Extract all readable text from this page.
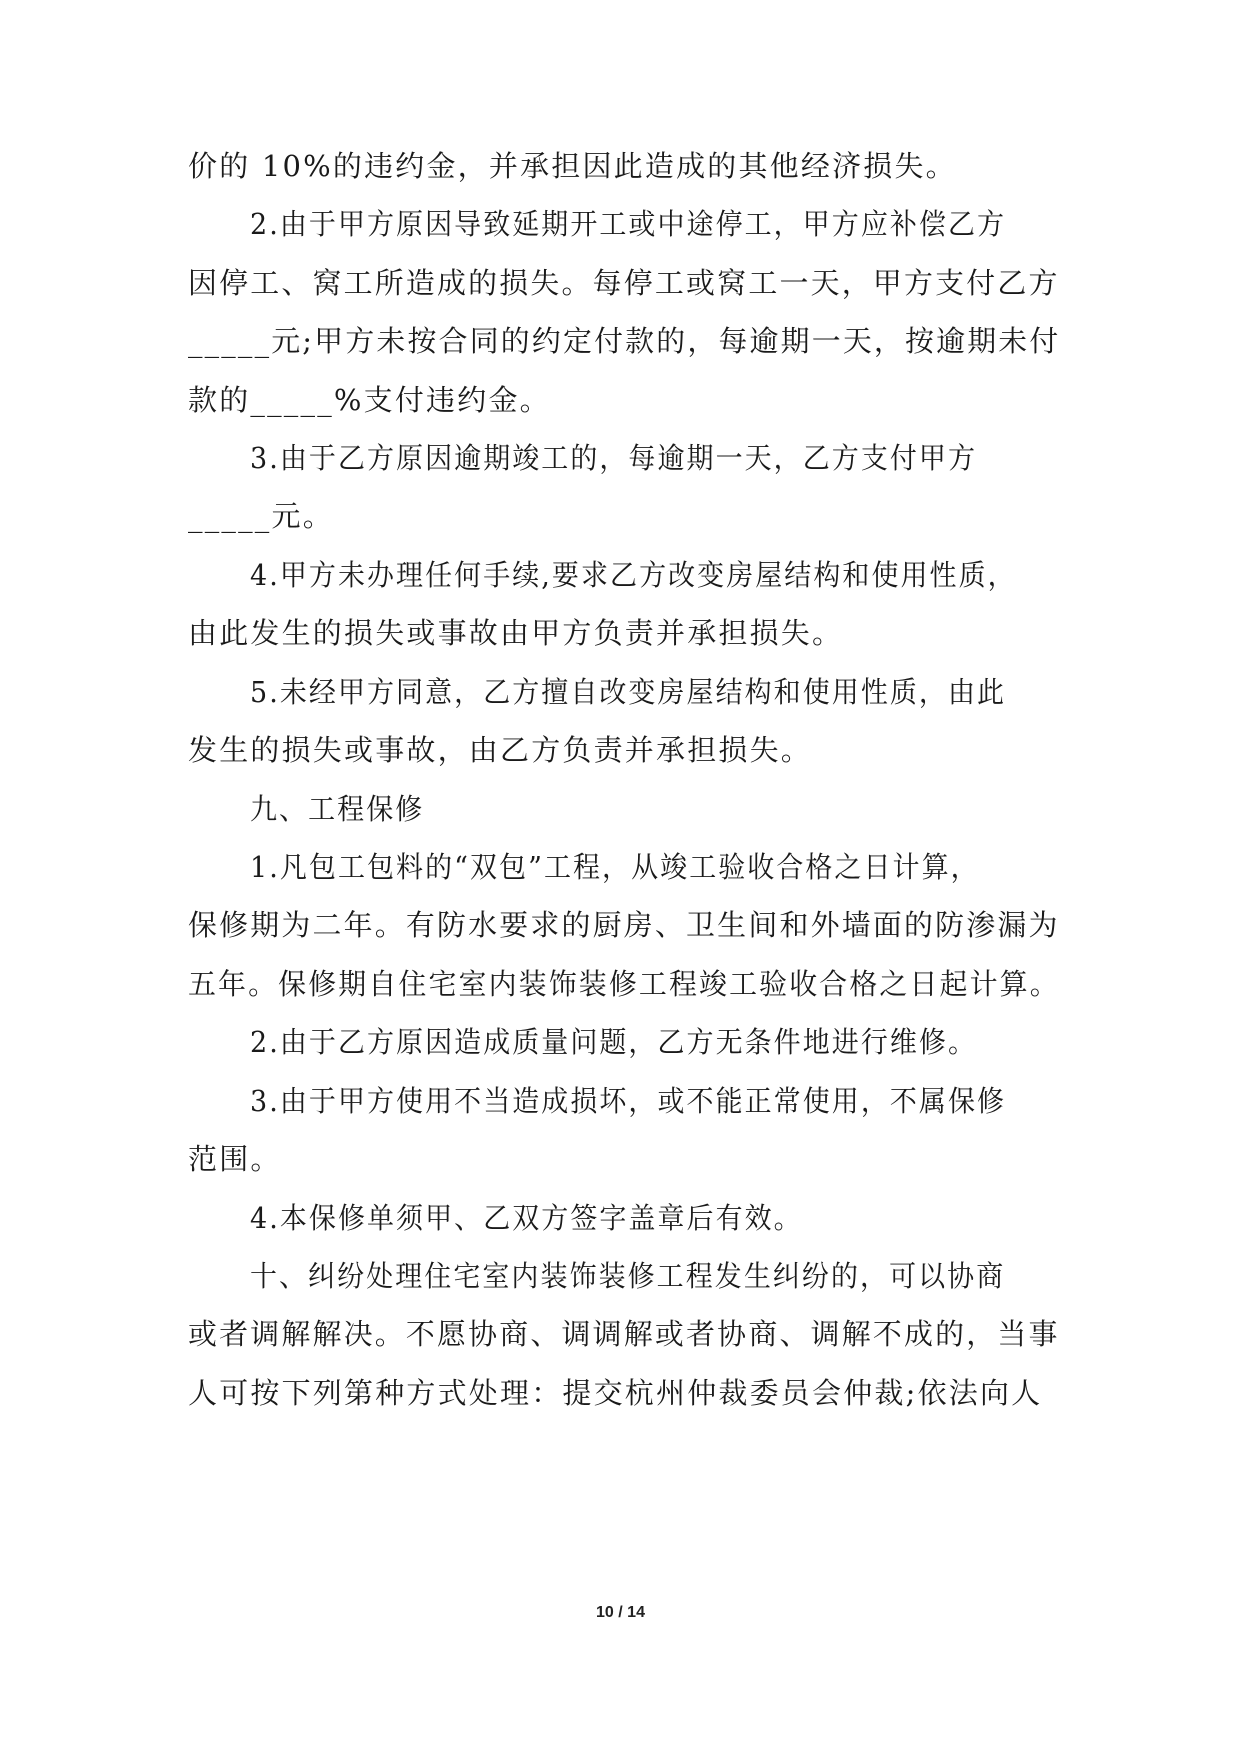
价的 10%的违约金，并承担因此造成的其他经济损失。
2.由于甲方原因导致延期开工或中途停工，甲方应补偿乙方
因停工、窝工所造成的损失。每停工或窝工一天，甲方支付乙方
_____元;甲方未按合同的约定付款的，每逾期一天，按逾期未付
款的_____%支付违约金。
3.由于乙方原因逾期竣工的，每逾期一天，乙方支付甲方
_____元。
4.甲方未办理任何手续,要求乙方改变房屋结构和使用性质，
由此发生的损失或事故由甲方负责并承担损失。
5.未经甲方同意，乙方擅自改变房屋结构和使用性质，由此
发生的损失或事故，由乙方负责并承担损失。
九、工程保修
1.凡包工包料的“双包”工程，从竣工验收合格之日计算，
保修期为二年。有防水要求的厨房、卫生间和外墙面的防渗漏为
五年。保修期自住宅室内装饰装修工程竣工验收合格之日起计算。
2.由于乙方原因造成质量问题，乙方无条件地进行维修。
3.由于甲方使用不当造成损坏，或不能正常使用，不属保修
范围。
4.本保修单须甲、乙双方签字盖章后有效。
十、纠纷处理住宅室内装饰装修工程发生纠纷的，可以协商
或者调解解决。不愿协商、调调解或者协商、调解不成的，当事
人可按下列第种方式处理：提交杭州仲裁委员会仲裁;依法向人
10 / 14
